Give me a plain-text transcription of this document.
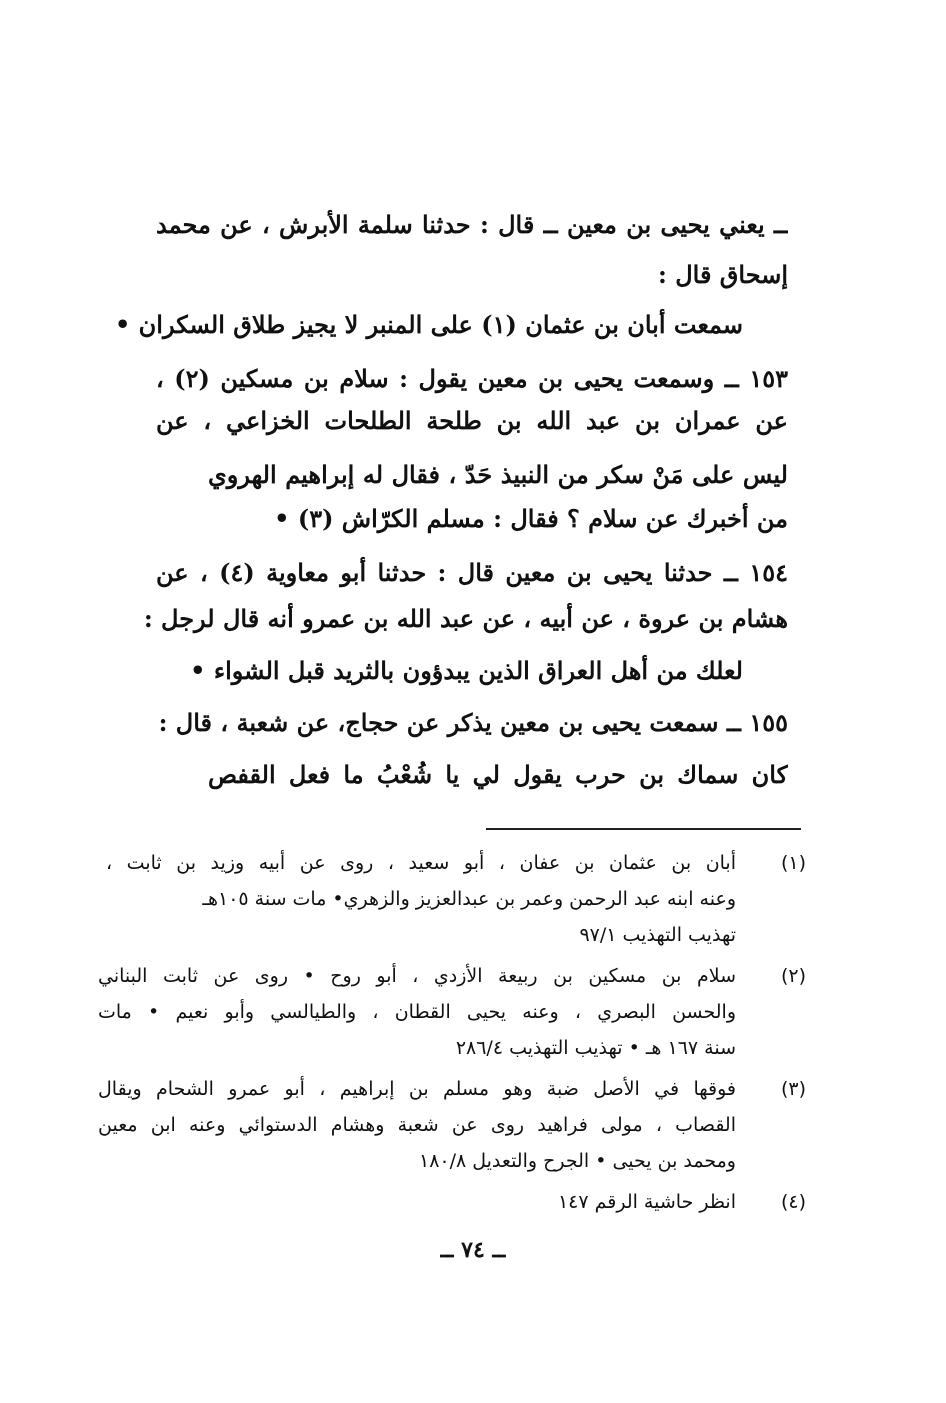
ــ يعني يحيى بن معين ــ قال : حدثنا سلمة الأبرش ، عن محمد
إسحاق قال :
سمعت أبان بن عثمان (١) على المنبر لا يجيز طلاق السكران •
١٥٣ ــ وسمعت يحيى بن معين يقول : سلام بن مسكين (٢) ،
عن عمران بن عبد الله بن طلحة الطلحات الخزاعي ، عن
ليس على مَنْ سكر من النبيذ حَدّ ، فقال له إبراهيم الهروي
من أخبرك عن سلام ؟ فقال : مسلم الكرّاش (٣) •
١٥٤ ــ حدثنا يحيى بن معين قال : حدثنا أبو معاوية (٤) ، عن
هشام بن عروة ، عن أبيه ، عن عبد الله بن عمرو أنه قال لرجل :
لعلك من أهل العراق الذين يبدؤون بالثريد قبل الشواء •
١٥٥ ــ سمعت يحيى بن معين يذكر عن حجاج، عن شعبة ، قال :
كان سماك بن حرب يقول لي يا شُعْبُ ما فعل القفص
(١)
أبان بن عثمان بن عفان ، أبو سعيد ، روى عن أبيه وزيد بن ثابت ،
وعنه ابنه عبد الرحمن وعمر بن عبدالعزيز والزهري• مات سنة ١٠٥هـ
تهذيب التهذيب ٩٧/١
(٢)
سلام بن مسكين بن ربيعة الأزدي ، أبو روح • روى عن ثابت البناني
والحسن البصري ، وعنه يحيى القطان ، والطيالسي وأبو نعيم • مات
سنة ١٦٧ هـ • تهذيب التهذيب ٢٨٦/٤
(٣)
فوقها في الأصل ضبة وهو مسلم بن إبراهيم ، أبو عمرو الشحام ويقال
القصاب ، مولى فراهيد روى عن شعبة وهشام الدستوائي وعنه ابن معين
ومحمد بن يحيى • الجرح والتعديل ١٨٠/٨
(٤)
انظر حاشية الرقم ١٤٧
ــ ٧٤ ــ
